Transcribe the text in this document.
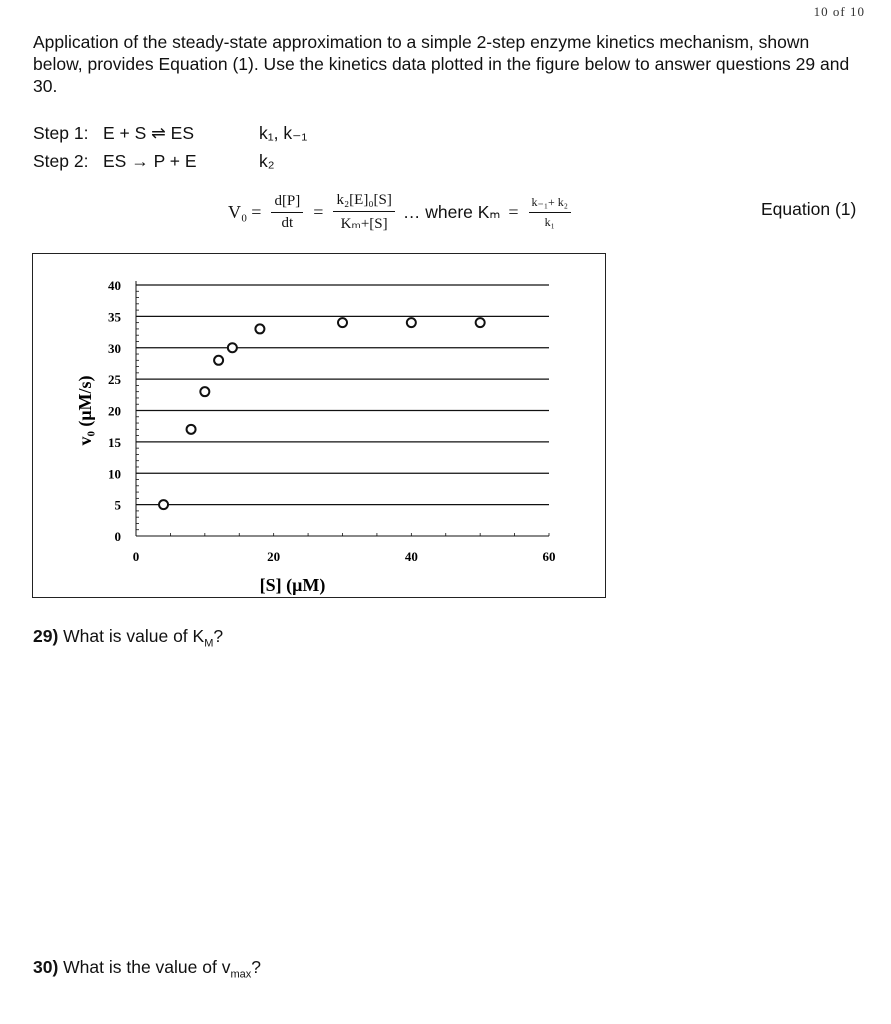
10 of 10
Application of the steady-state approximation to a simple 2-step enzyme kinetics mechanism, shown below, provides Equation (1). Use the kinetics data plotted in the figure below to answer questions 29 and 30.
Step 1: E + S ⇌ ES	k₁, k₋₁
Step 2: ES → P + E	k₂
$V_0 = \frac{d[P]}{dt} = \frac{\text{k₂[E]₀[S]}}{\text{Kₘ+[S]}}$ … where $K_m = \frac{\text{k₋₁+ k₂}}{\text{k₁}}$	Equation (1)
0
5
10
15
20
25
30
35
40
0	20	40	60
[S] (μM)
v₀ (μM/s)
29) What is value of $K_M$?
30) What is the value of $v_{max}$?
